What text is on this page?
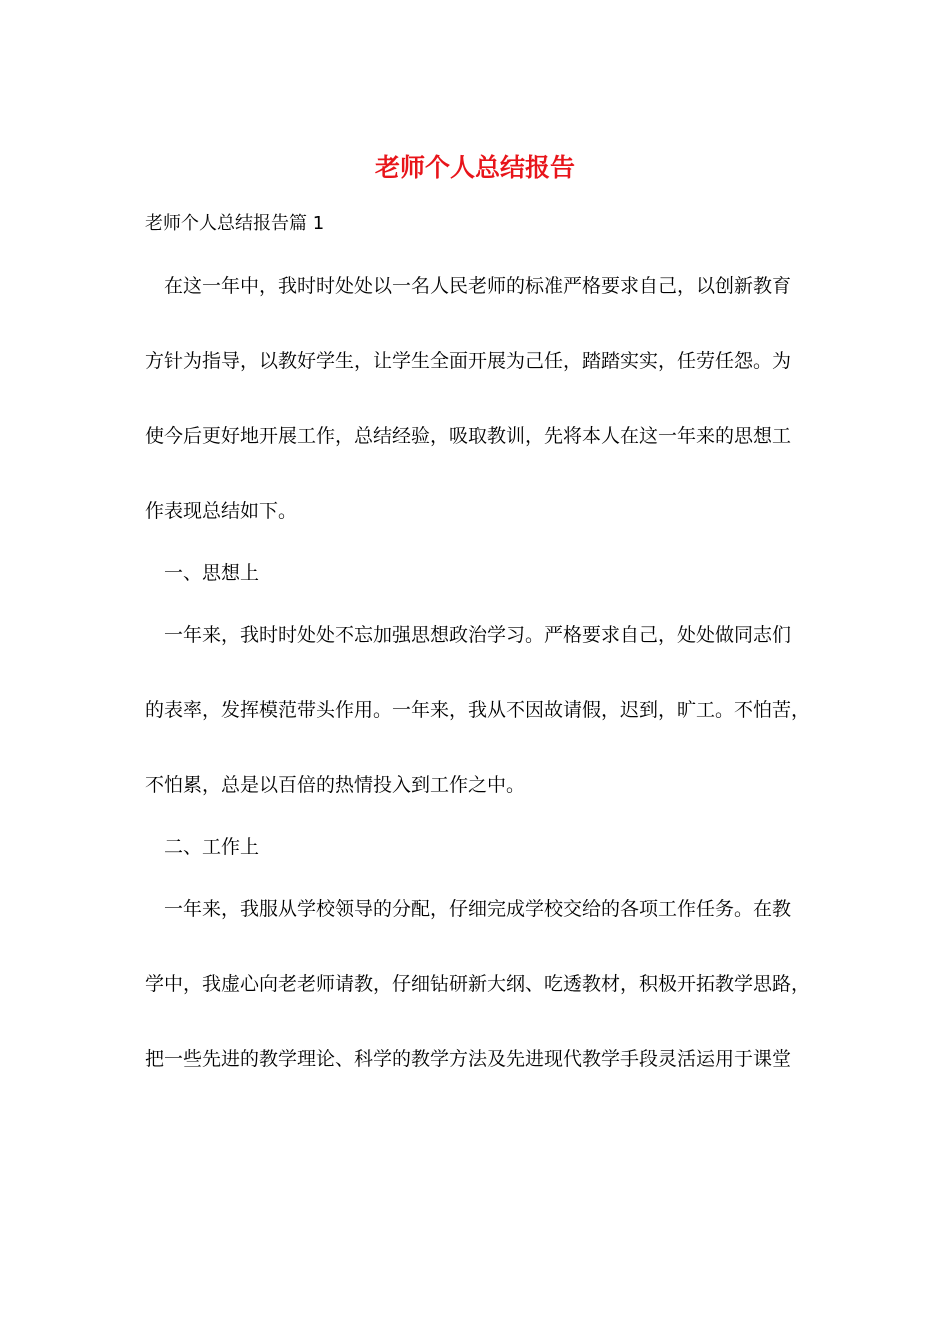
老师个人总结报告
老师个人总结报告篇 1
在这一年中，我时时处处以一名人民老师的标准严格要求自己，以创新教育
方针为指导，以教好学生，让学生全面开展为己任，踏踏实实，任劳任怨。为
使今后更好地开展工作，总结经验，吸取教训，先将本人在这一年来的思想工
作表现总结如下。
一、思想上
一年来，我时时处处不忘加强思想政治学习。严格要求自己，处处做同志们
的表率，发挥模范带头作用。一年来，我从不因故请假，迟到，旷工。不怕苦，
不怕累，总是以百倍的热情投入到工作之中。
二、工作上
一年来，我服从学校领导的分配，仔细完成学校交给的各项工作任务。在教
学中，我虚心向老老师请教，仔细钻研新大纲、吃透教材，积极开拓教学思路，
把一些先进的教学理论、科学的教学方法及先进现代教学手段灵活运用于课堂
